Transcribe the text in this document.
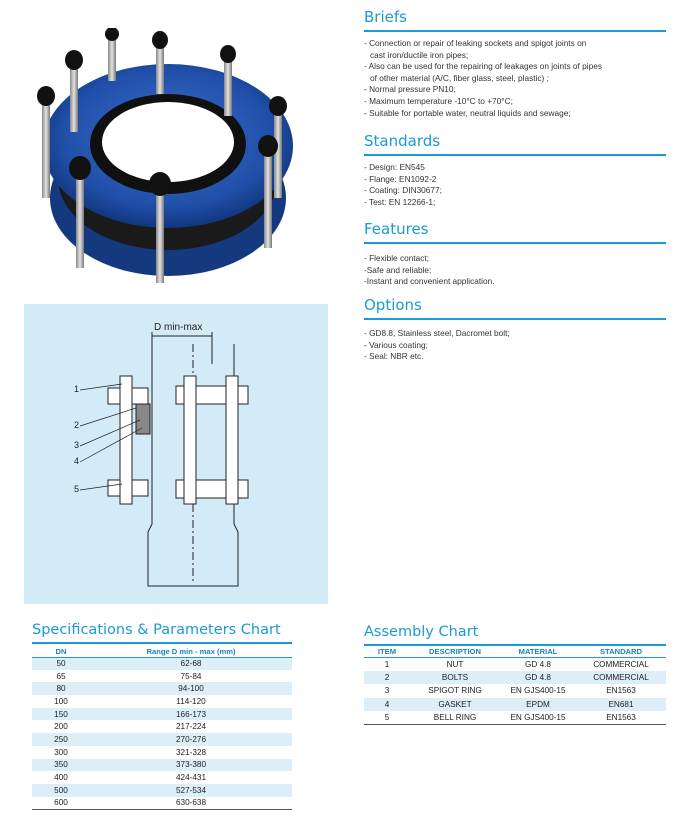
D min-max
1
2
3
4
5
Briefs
- Connection or repair of leaking sockets and spigot joints on
cast iron/ductile iron pipes;
- Also can be used for the repairing of leakages on joints of pipes
of other material (A/C, fiber glass, steel, plastic) ;
- Normal pressure PN10;
- Maximum temperature -10°C to +70°C;
- Suitable for portable water, neutral liquids and sewage;
Standards
- Design: EN545
- Flange: EN1092-2
- Coating: DIN30677;
- Test: EN 12266-1;
Features
- Flexible contact;
-Safe and reliable;
-Instant and convenient application.
Options
- GD8.8, Stainless steel, Dacromet bolt;
- Various coating;
- Seal: NBR etc.
Specifications & Parameters Chart
DN	Range D min - max (mm)
50	62-68
65	75-84
80	94-100
100	114-120
150	166-173
200	217-224
250	270-276
300	321-328
350	373-380
400	424-431
500	527-534
600	630-638
Assembly Chart
ITEM	DESCRIPTION	MATERIAL	STANDARD
1	NUT	GD 4.8	COMMERCIAL
2	BOLTS	GD 4.8	COMMERCIAL
3	SPIGOT RING	EN GJS400-15	EN1563
4	GASKET	EPDM	EN681
5	BELL RING	EN GJS400-15	EN1563
